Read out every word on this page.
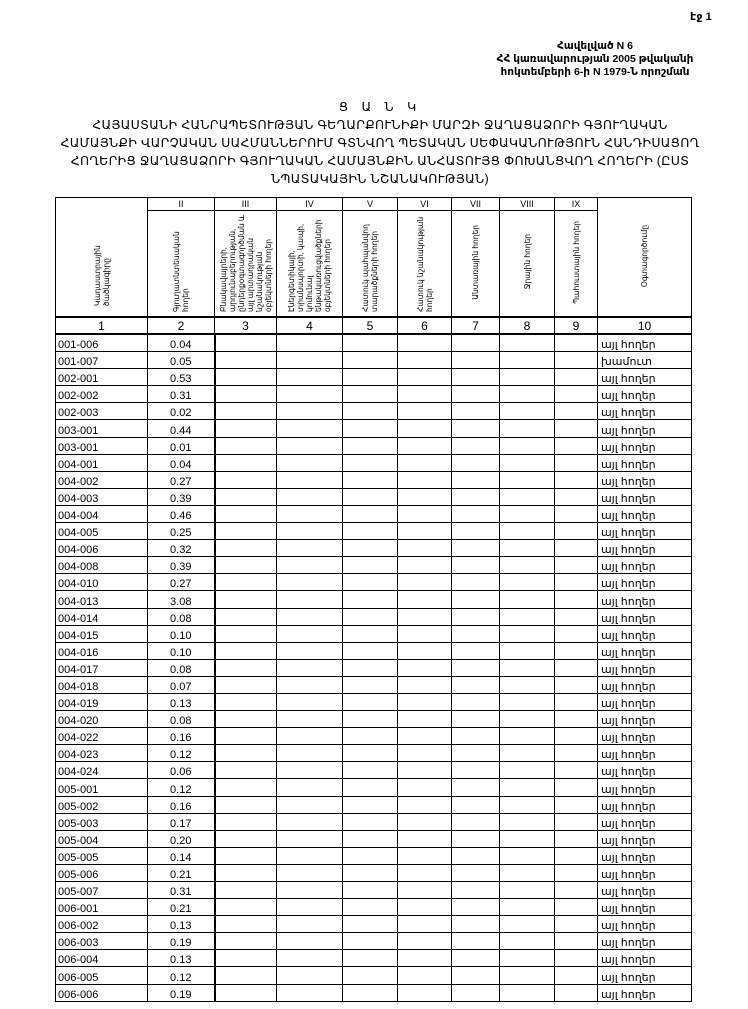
էջ 1
Հավելված N 6
ՀՀ կառավարության 2005 թվականի
հոկտեմբերի 6-ի N 1979-Ն որոշման
Ց Ա Ն Կ
ՀԱՅԱՍՏԱՆԻ ՀԱՆՐԱՊԵՏՈՒԹՅԱՆ ԳԵՂԱՐՔՈՒՆԻՔԻ ՄԱՐԶԻ ՋԱՂԱՑԱՁՈՐԻ ԳՅՈՒՂԱԿԱՆ
ՀԱՄԱՅՆՔԻ ՎԱՐՉԱԿԱՆ ՍԱՀՄԱՆՆԵՐՈՒՄ ԳՏՆՎՈՂ ՊԵՏԱԿԱՆ ՍԵՓԱԿԱՆՈՒԹՅՈՒՆ ՀԱՆԴԻՍԱՑՈՂ
ՀՈՂԵՐԻՑ ՋԱՂԱՑԱՁՈՐԻ ԳՅՈՒՂԱԿԱՆ ՀԱՄԱՅՆՔԻՆ ԱՆՀԱՏՈՒՅՑ ՓՈԽԱՆՑՎՈՂ ՀՈՂԵՐԻ (ԸՍՏ
ՆՊԱՏԱԿԱՅԻՆ ՆՇԱՆԱԿՈՒԹՅԱՆ)
Կադաստրային ծածկագիրը	II	III	IV	V	VI	VII	VIII	IX	Օգտագործումը
	Գյուղատնտեսական հողեր	Բնակավայրերի, արդյունաբերության, ընդերքօգտագործման և այլ արտադրական նշանակության օբյեկտների հողեր	Էներգետիկայի, տրանսպորտի, կապի, կոմունալ ենթակառուցվածքների օբյեկտների հողեր	Հատուկ պահպանվող տարածքների հողեր	Հատուկ նշանակության հողեր	Անտառային հողեր	Ջրային հողեր	Պահուստային հողեր	
1	2	3	4	5	6	7	8	9	10
001-006	0.04								այլ հողեր
001-007	0.05								խամուտ
002-001	0.53								այլ հողեր
002-002	0.31								այլ հողեր
002-003	0.02								այլ հողեր
003-001	0.44								այլ հողեր
003-001	0.01								այլ հողեր
004-001	0.04								այլ հողեր
004-002	0.27								այլ հողեր
004-003	0.39								այլ հողեր
004-004	0.46								այլ հողեր
004-005	0.25								այլ հողեր
004-006	0.32								այլ հողեր
004-008	0.39								այլ հողեր
004-010	0.27								այլ հողեր
004-013	3.08								այլ հողեր
004-014	0.08								այլ հողեր
004-015	0.10								այլ հողեր
004-016	0.10								այլ հողեր
004-017	0.08								այլ հողեր
004-018	0.07								այլ հողեր
004-019	0.13								այլ հողեր
004-020	0.08								այլ հողեր
004-022	0.16								այլ հողեր
004-023	0.12								այլ հողեր
004-024	0.06								այլ հողեր
005-001	0.12								այլ հողեր
005-002	0.16								այլ հողեր
005-003	0.17								այլ հողեր
005-004	0.20								այլ հողեր
005-005	0.14								այլ հողեր
005-006	0.21								այլ հողեր
005-007	0.31								այլ հողեր
006-001	0.21								այլ հողեր
006-002	0.13								այլ հողեր
006-003	0.19								այլ հողեր
006-004	0.13								այլ հողեր
006-005	0.12								այլ հողեր
006-006	0.19								այլ հողեր
